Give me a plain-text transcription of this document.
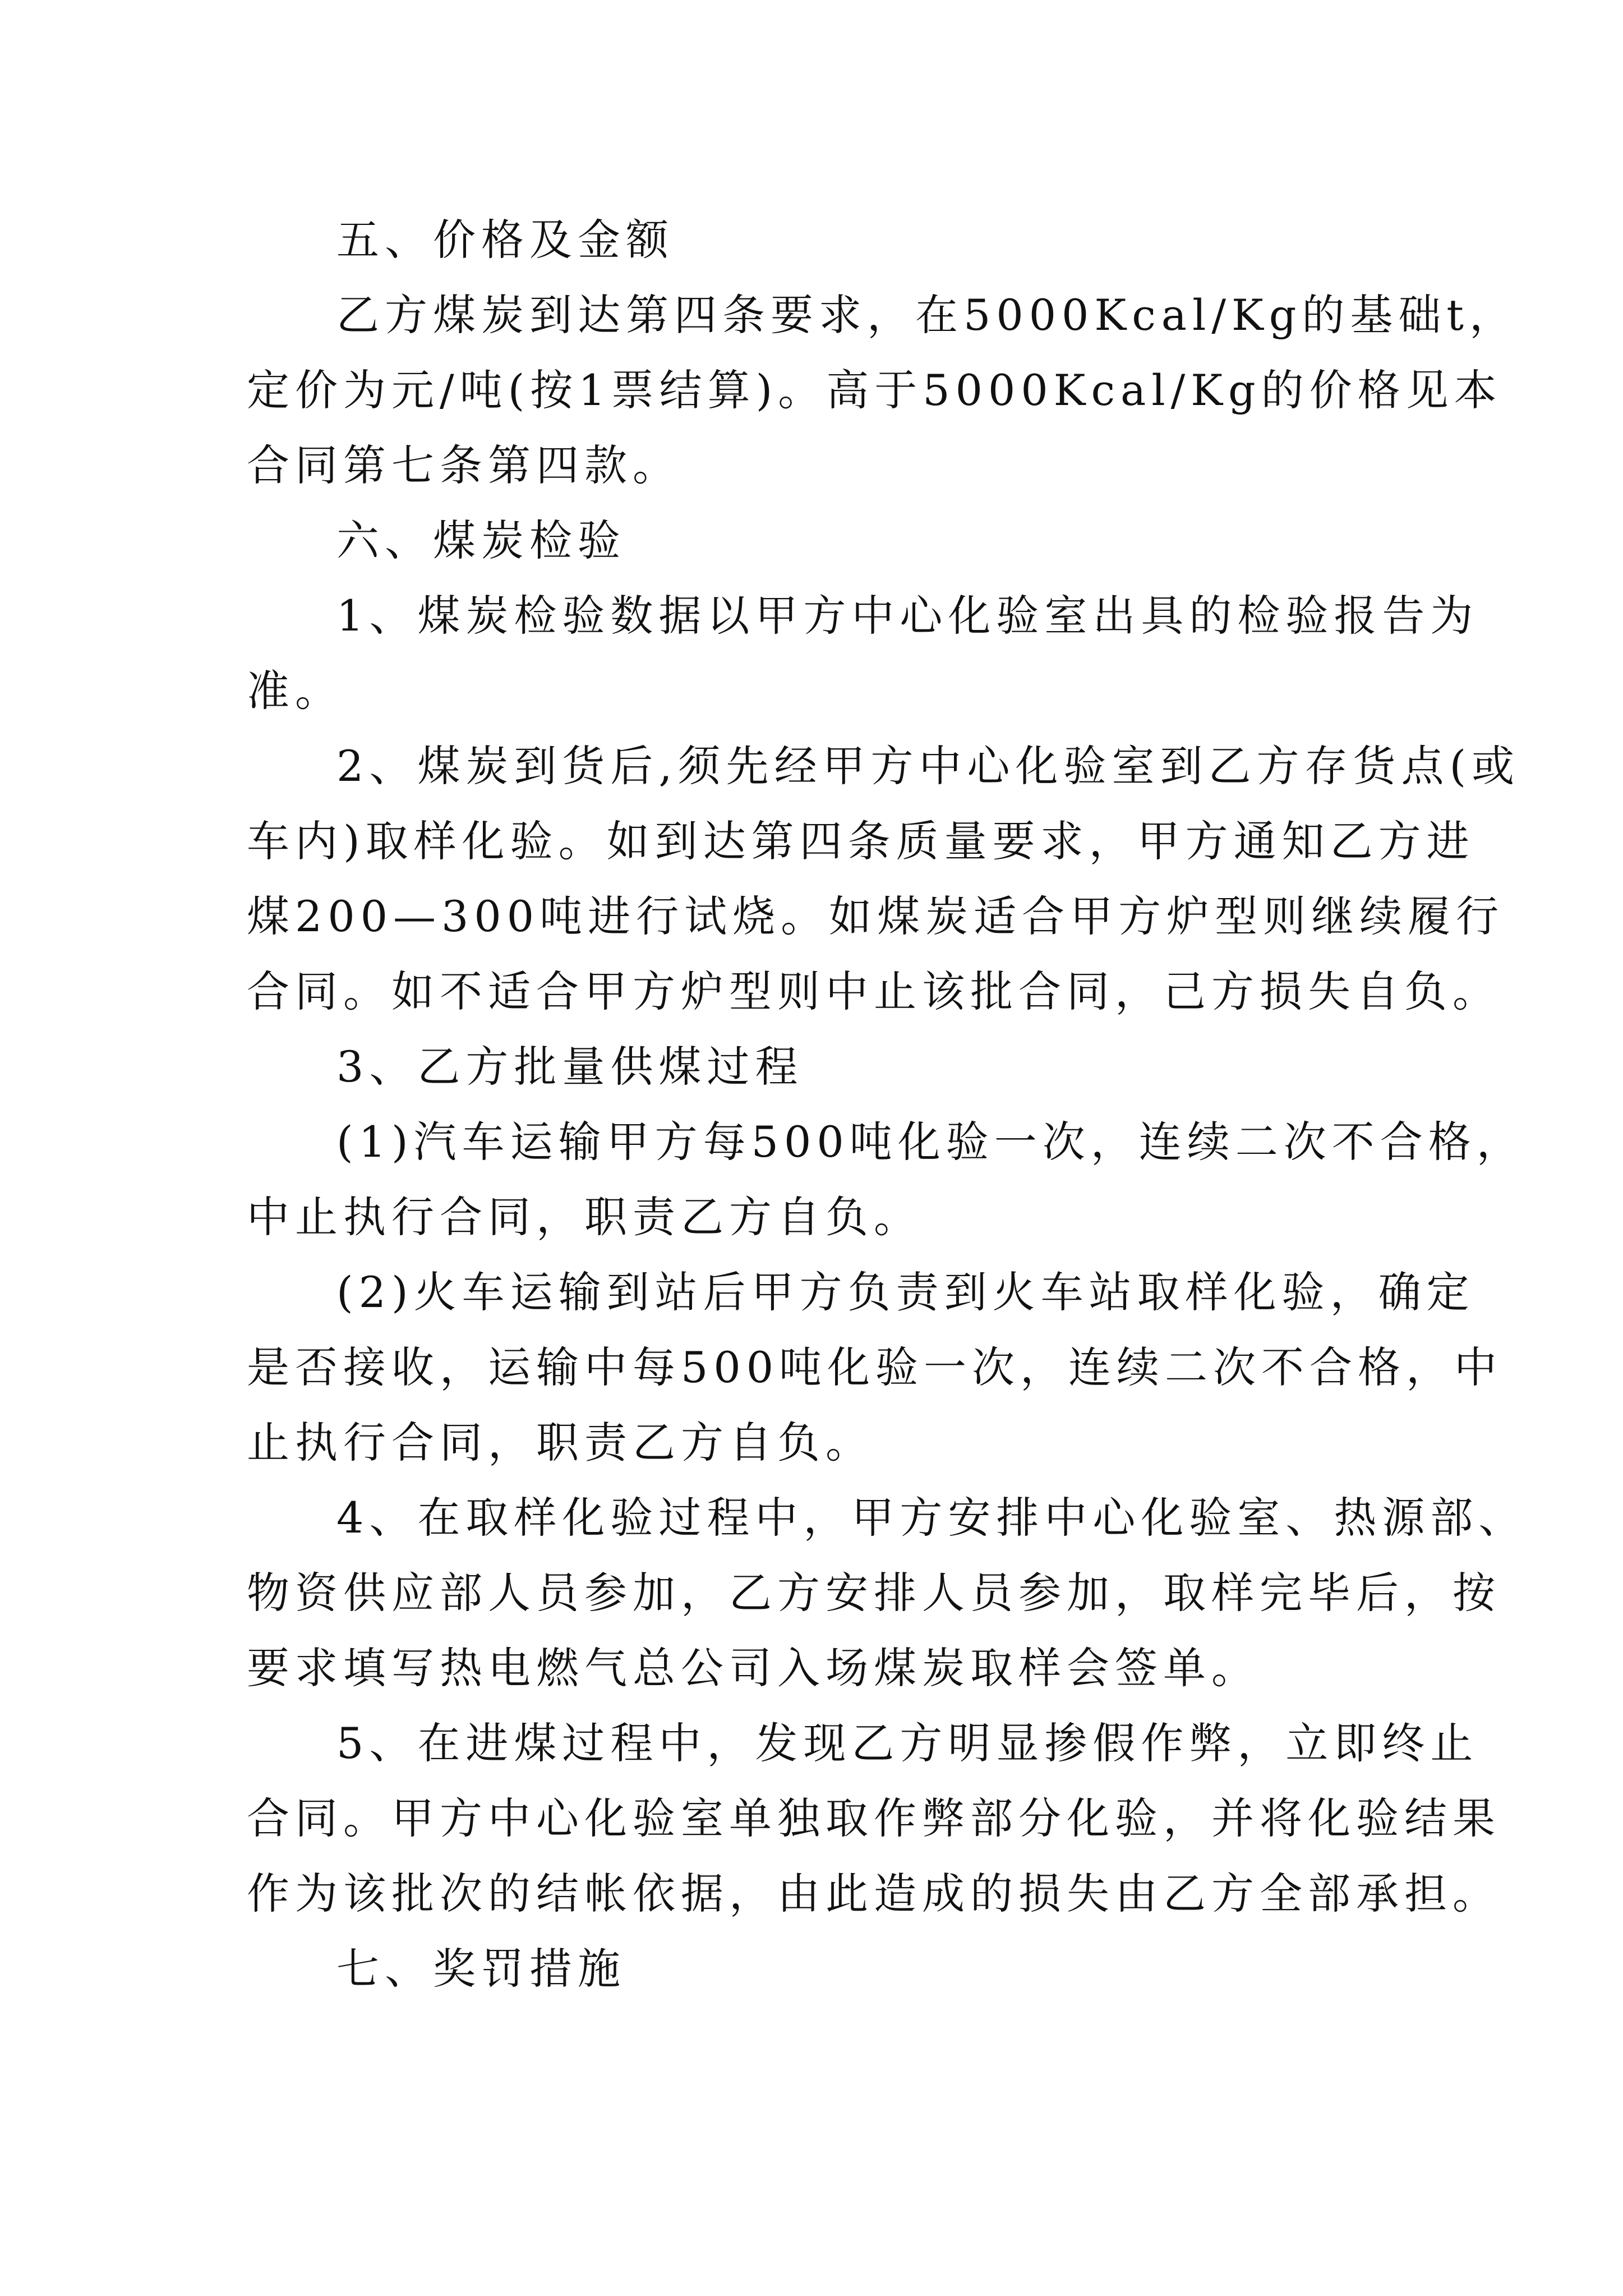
五、价格及金额

乙方煤炭到达第四条要求，在5000Kcal/Kg的基础t，

定价为元/吨(按1票结算)。高于5000Kcal/Kg的价格见本

合同第七条第四款。

六、煤炭检验

1、煤炭检验数据以甲方中心化验室出具的检验报告为

准。

2、煤炭到货后,须先经甲方中心化验室到乙方存货点(或

车内)取样化验。如到达第四条质量要求，甲方通知乙方进

煤200—300吨进行试烧。如煤炭适合甲方炉型则继续履行

合同。如不适合甲方炉型则中止该批合同，己方损失自负。

3、乙方批量供煤过程

(1)汽车运输甲方每500吨化验一次，连续二次不合格，

中止执行合同，职责乙方自负。

(2)火车运输到站后甲方负责到火车站取样化验，确定

是否接收，运输中每500吨化验一次，连续二次不合格，中

止执行合同，职责乙方自负。

4、在取样化验过程中，甲方安排中心化验室、热源部、

物资供应部人员参加，乙方安排人员参加，取样完毕后，按

要求填写热电燃气总公司入场煤炭取样会签单。

5、在进煤过程中，发现乙方明显掺假作弊，立即终止

合同。甲方中心化验室单独取作弊部分化验，并将化验结果

作为该批次的结帐依据，由此造成的损失由乙方全部承担。

七、奖罚措施
